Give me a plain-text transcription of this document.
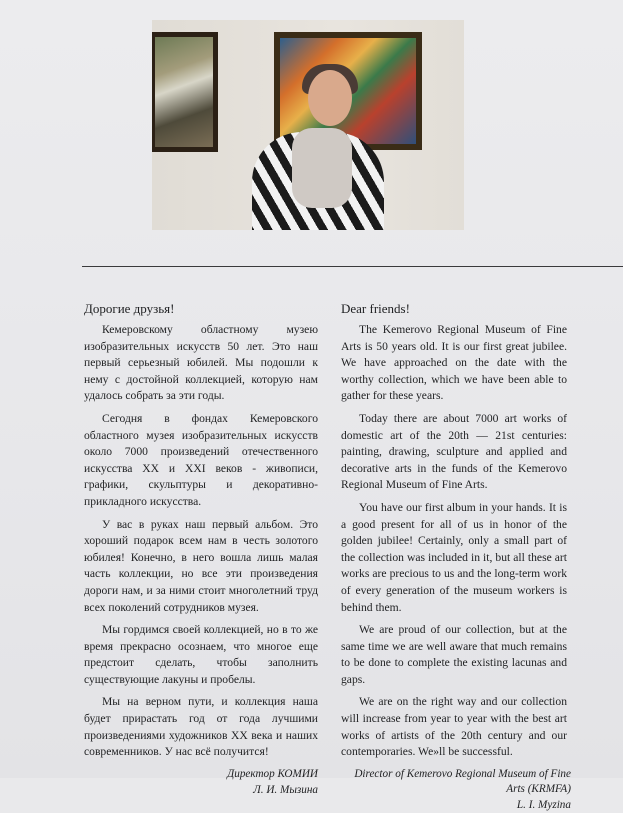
Дорогие друзья!

Кемеровскому областному музею изобразительных искусств 50 лет. Это наш первый серьезный юбилей. Мы подошли к нему с достойной коллекцией, которую нам удалось собрать за эти годы.

Сегодня в фондах Кемеровского областного музея изобразительных искусств около 7000 произведений отечественного искусства XX и XXI веков - живописи, графики, скульптуры и декоративно-прикладного искусства.

У вас в руках наш первый альбом. Это хороший подарок всем нам в честь золотого юбилея! Конечно, в него вошла лишь малая часть коллекции, но все эти произведения дороги нам, и за ними стоит многолетний труд всех поколений сотрудников музея.

Мы гордимся своей коллекцией, но в то же время прекрасно осознаем, что многое еще предстоит сделать, чтобы заполнить существующие лакуны и пробелы.

Мы на верном пути, и коллекция наша будет прирастать год от года лучшими произведениями художников XX века и наших современников. У нас всё получится!

Директор КОМИИ
Л. И. Мызина
Dear friends!

The Kemerovo Regional Museum of Fine Arts is 50 years old. It is our first great jubilee. We have approached on the date with the worthy collection, which we have been able to gather for these years.

Today there are about 7000 art works of domestic art of the 20th — 21st centuries: painting, drawing, sculpture and applied and decorative arts in the funds of the Kemerovo Regional Museum of Fine Arts.

You have our first album in your hands. It is a good present for all of us in honor of the golden jubilee! Certainly, only a small part of the collection was included in it, but all these art works are precious to us and the long-term work of every generation of the museum workers is behind them.

We are proud of our collection, but at the same time we are well aware that much remains to be done to complete the existing lacunas and gaps.

We are on the right way and our collection will increase from year to year with the best art works of artists of the 20th century and our contemporaries. We»ll be successful.

Director of Kemerovo Regional Museum of Fine Arts (KRMFA)
L. I. Myzina
